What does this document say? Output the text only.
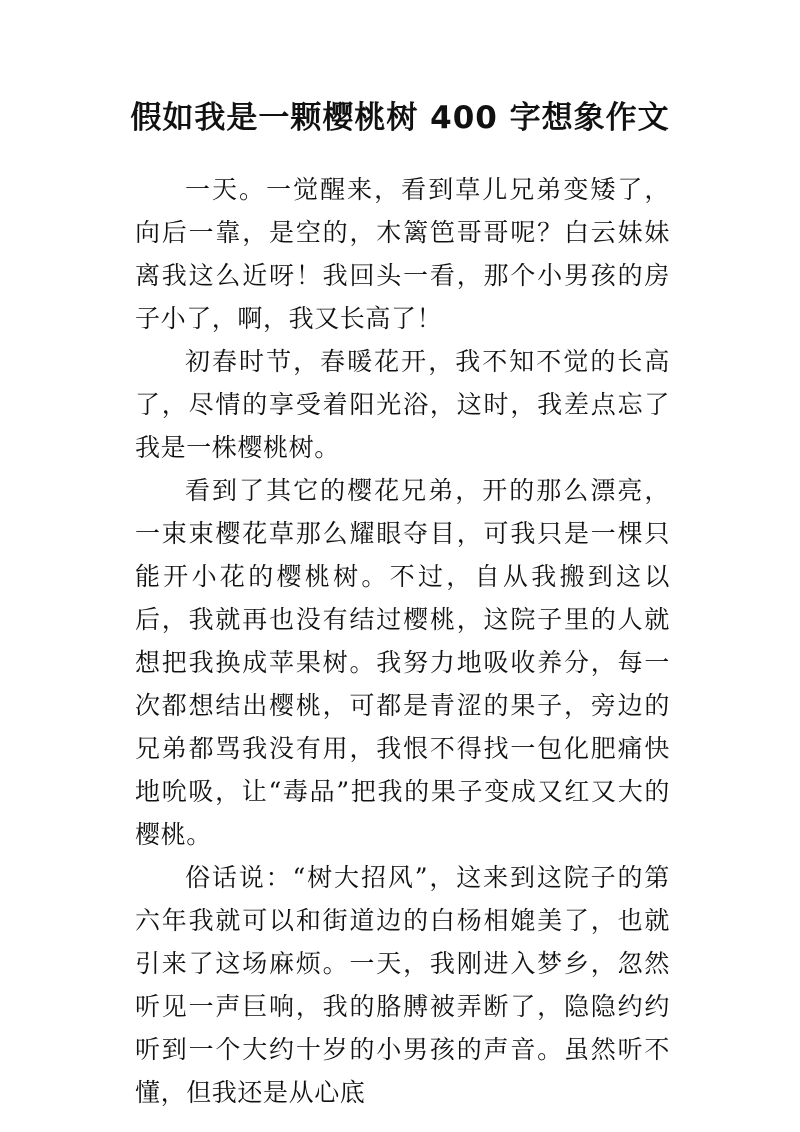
假如我是一颗樱桃树 400 字想象作文

一天。一觉醒来，看到草儿兄弟变矮了，向后一靠，是空的，木篱笆哥哥呢？白云妹妹离我这么近呀！我回头一看，那个小男孩的房子小了，啊，我又长高了！

初春时节，春暖花开，我不知不觉的长高了，尽情的享受着阳光浴，这时，我差点忘了我是一株樱桃树。

看到了其它的樱花兄弟，开的那么漂亮，一束束樱花草那么耀眼夺目，可我只是一棵只能开小花的樱桃树。不过，自从我搬到这以后，我就再也没有结过樱桃，这院子里的人就想把我换成苹果树。我努力地吸收养分，每一次都想结出樱桃，可都是青涩的果子，旁边的兄弟都骂我没有用，我恨不得找一包化肥痛快地吮吸，让“毒品”把我的果子变成又红又大的樱桃。

俗话说：“树大招风”，这来到这院子的第六年我就可以和街道边的白杨相媲美了，也就引来了这场麻烦。一天，我刚进入梦乡，忽然听见一声巨响，我的胳膊被弄断了，隐隐约约听到一个大约十岁的小男孩的声音。虽然听不懂，但我还是从心底
